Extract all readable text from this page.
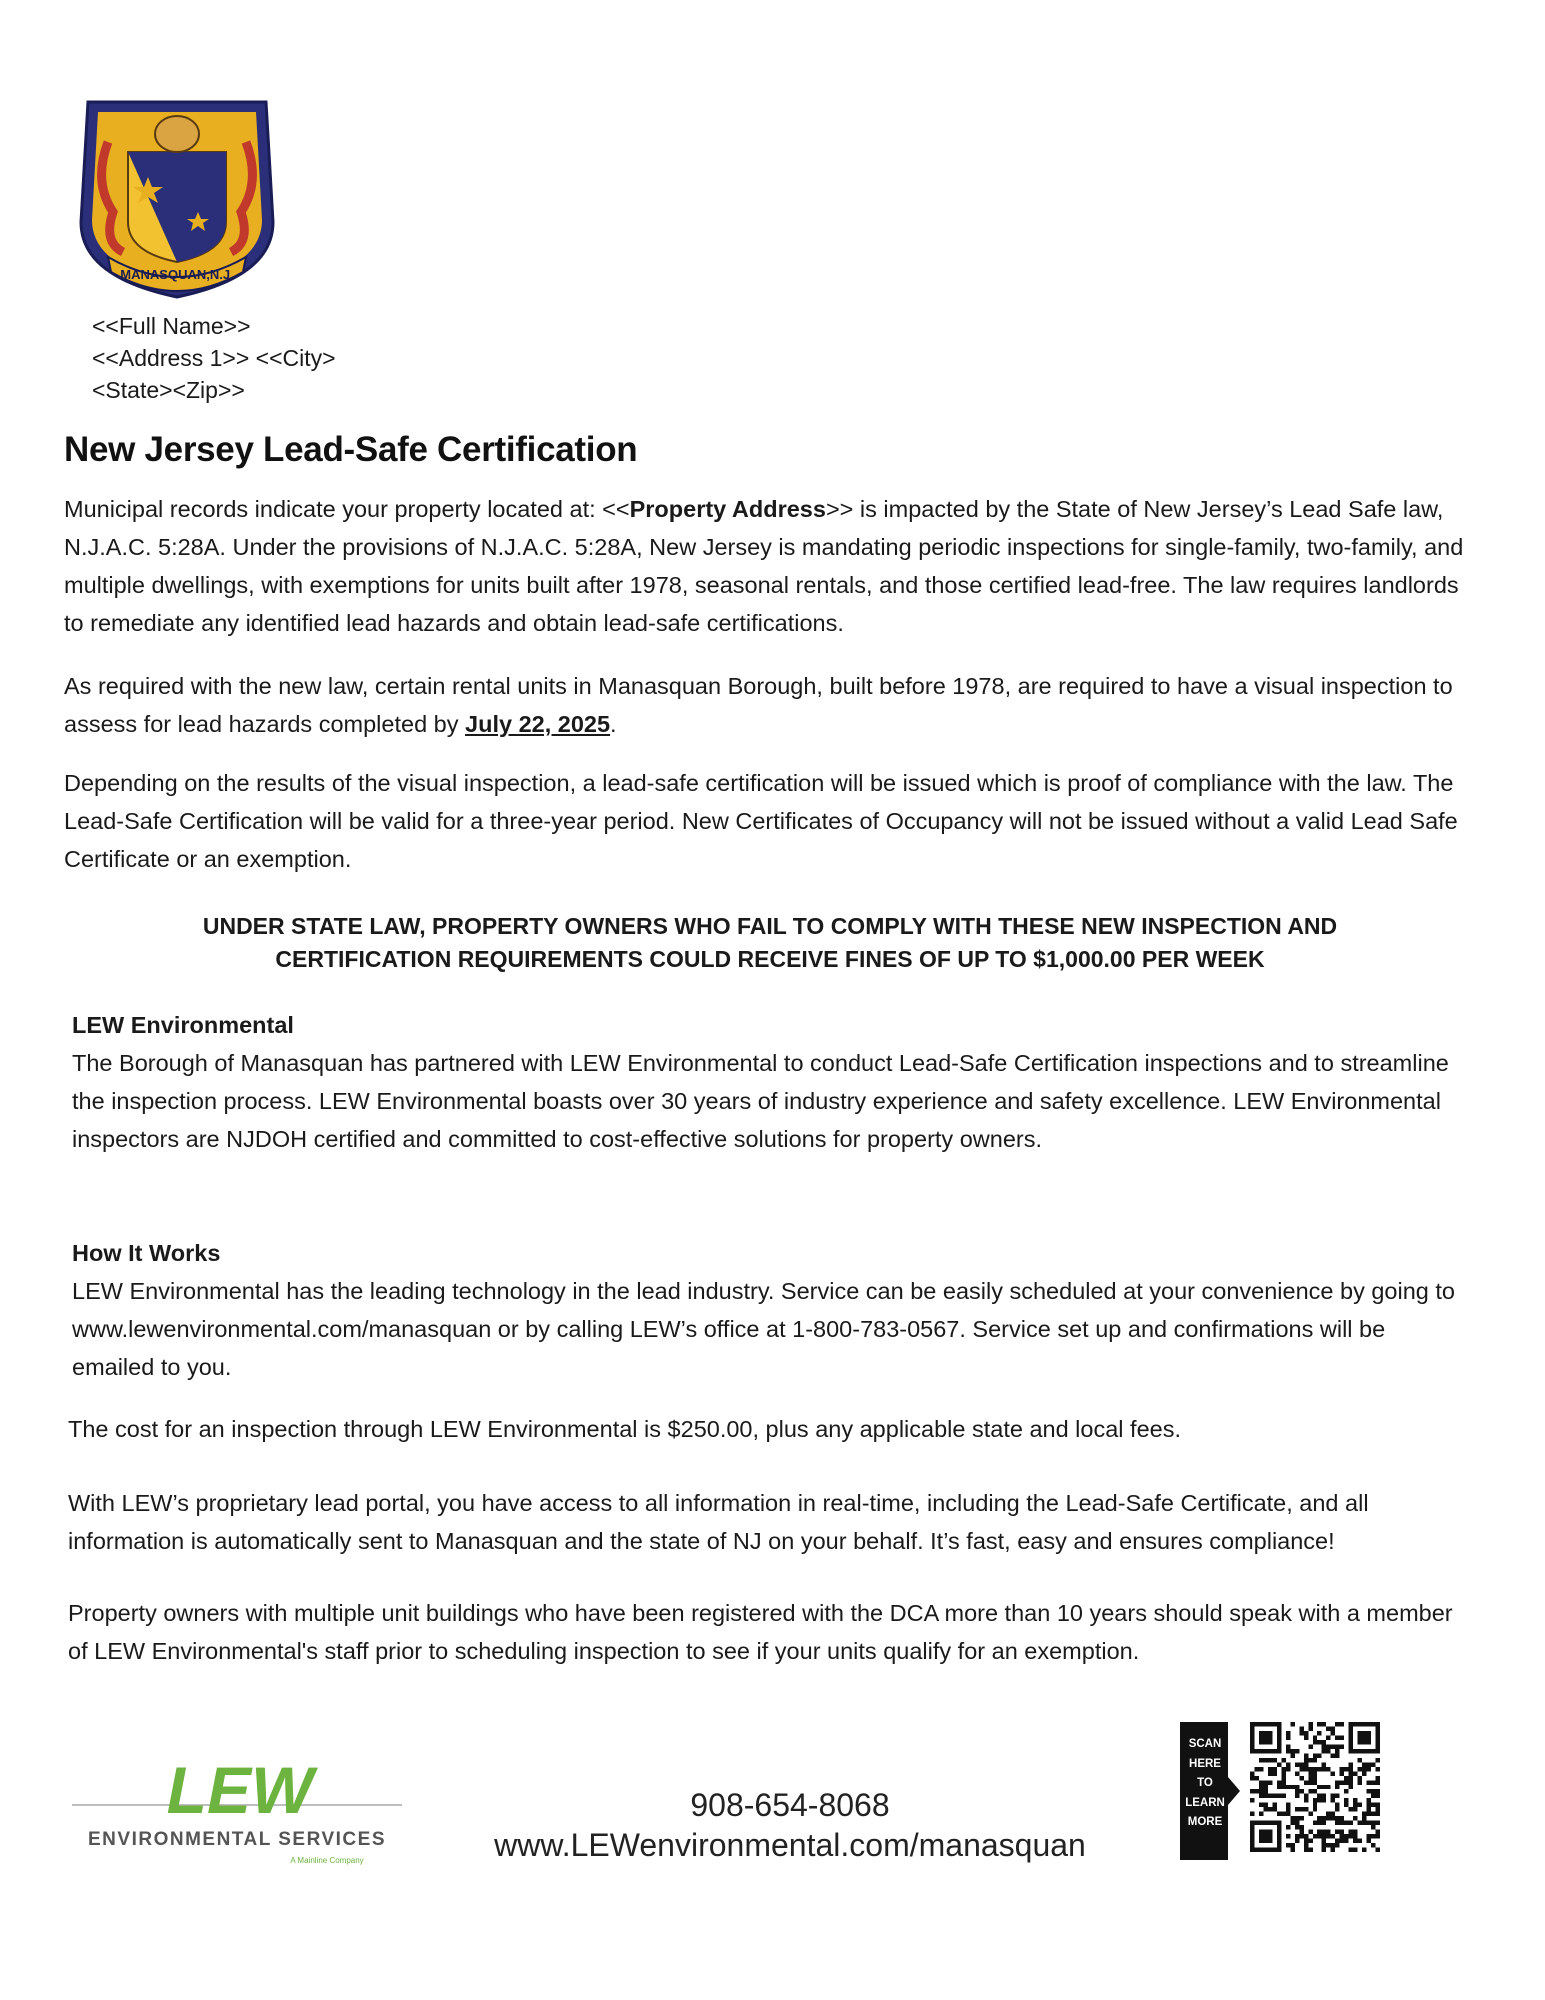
MANASQUAN,N.J.
<<Full Name>>
<<Address 1>> <<City>
<State><Zip>>
New Jersey Lead-Safe Certification

Municipal records indicate your property located at: <<Property Address>> is impacted by the State of New Jersey’s Lead Safe law, N.J.A.C. 5:28A. Under the provisions of N.J.A.C. 5:28A, New Jersey is mandating periodic inspections for single-family, two-family, and multiple dwellings, with exemptions for units built after 1978, seasonal rentals, and those certified lead-free. The law requires landlords to remediate any identified lead hazards and obtain lead-safe certifications.

As required with the new law, certain rental units in Manasquan Borough, built before 1978, are required to have a visual inspection to assess for lead hazards completed by July 22, 2025.

Depending on the results of the visual inspection, a lead-safe certification will be issued which is proof of compliance with the law. The Lead-Safe Certification will be valid for a three-year period. New Certificates of Occupancy will not be issued without a valid Lead Safe Certificate or an exemption.

UNDER STATE LAW, PROPERTY OWNERS WHO FAIL TO COMPLY WITH THESE NEW INSPECTION AND
CERTIFICATION REQUIREMENTS COULD RECEIVE FINES OF UP TO $1,000.00 PER WEEK
LEW Environmental

The Borough of Manasquan has partnered with LEW Environmental to conduct Lead-Safe Certification inspections and to streamline the inspection process. LEW Environmental boasts over 30 years of industry experience and safety excellence. LEW Environmental inspectors are NJDOH certified and committed to cost-effective solutions for property owners.

How It Works

LEW Environmental has the leading technology in the lead industry. Service can be easily scheduled at your convenience by going to www.lewenvironmental.com/manasquan or by calling LEW’s office at 1-800-783-0567. Service set up and confirmations will be emailed to you.

The cost for an inspection through LEW Environmental is $250.00, plus any applicable state and local fees.

With LEW’s proprietary lead portal, you have access to all information in real-time, including the Lead-Safe Certificate, and all information is automatically sent to Manasquan and the state of NJ on your behalf. It’s fast, easy and ensures compliance!

Property owners with multiple unit buildings who have been registered with the DCA more than 10 years should speak with a member of LEW Environmental's staff prior to scheduling inspection to see if your units qualify for an exemption.

LEW
ENVIRONMENTAL SERVICES
A Mainline Company
908-654-8068
www.LEWenvironmental.com/manasquan
SCAN
HERE
TO
LEARN
MORE
